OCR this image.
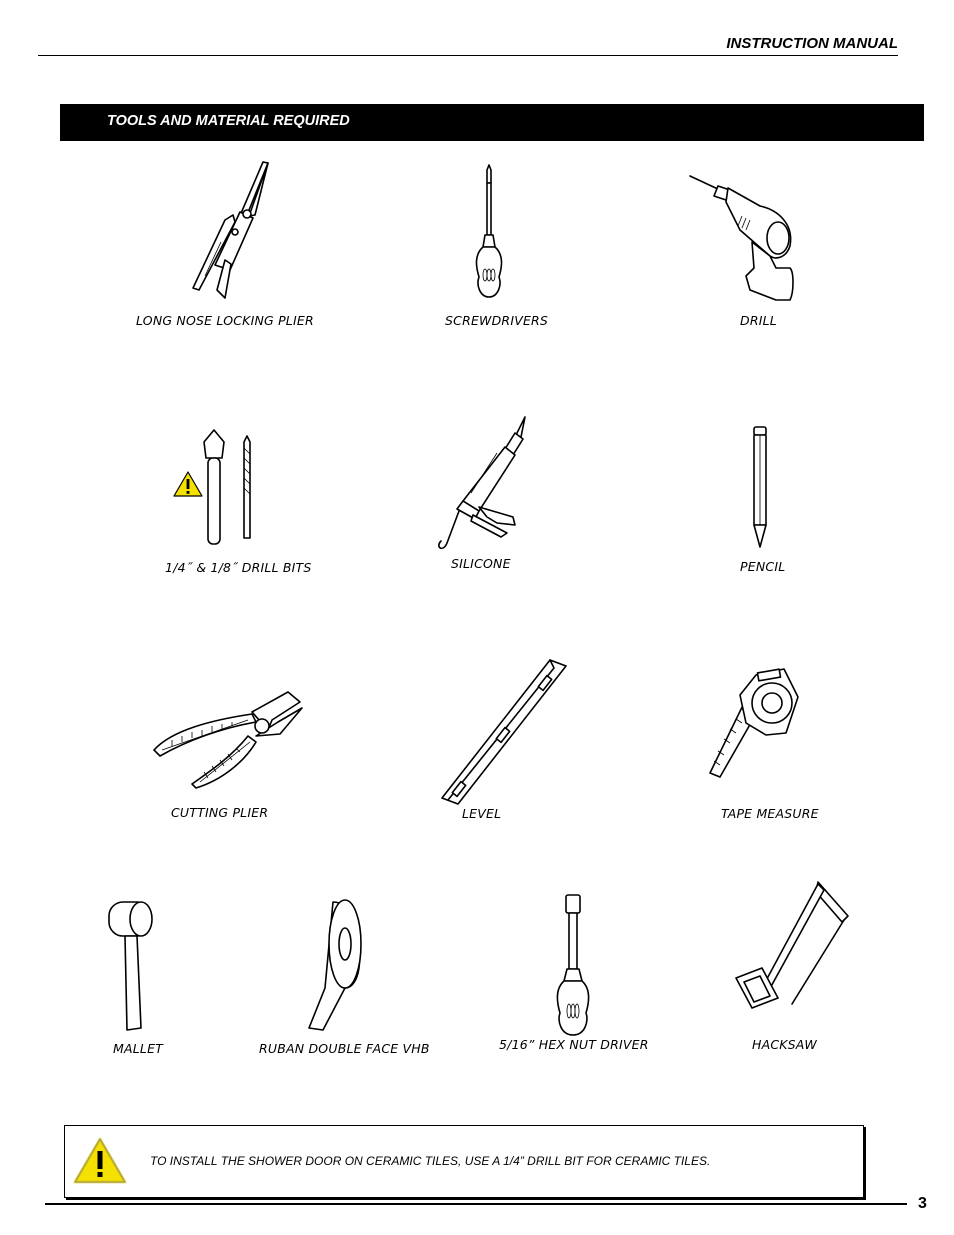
INSTRUCTION MANUAL
TOOLS AND MATERIAL REQUIRED
LONG NOSE LOCKING PLIER	SCREWDRIVERS	DRILL
1/4˝ & 1/8˝ DRILL BITS	SILICONE	PENCIL
CUTTING PLIER	LEVEL	TAPE MEASURE
MALLET	RUBAN DOUBLE FACE VHB	5/16” HEX NUT DRIVER	HACKSAW
TO INSTALL THE SHOWER DOOR ON CERAMIC TILES, USE A 1/4” DRILL BIT FOR CERAMIC TILES.
3
